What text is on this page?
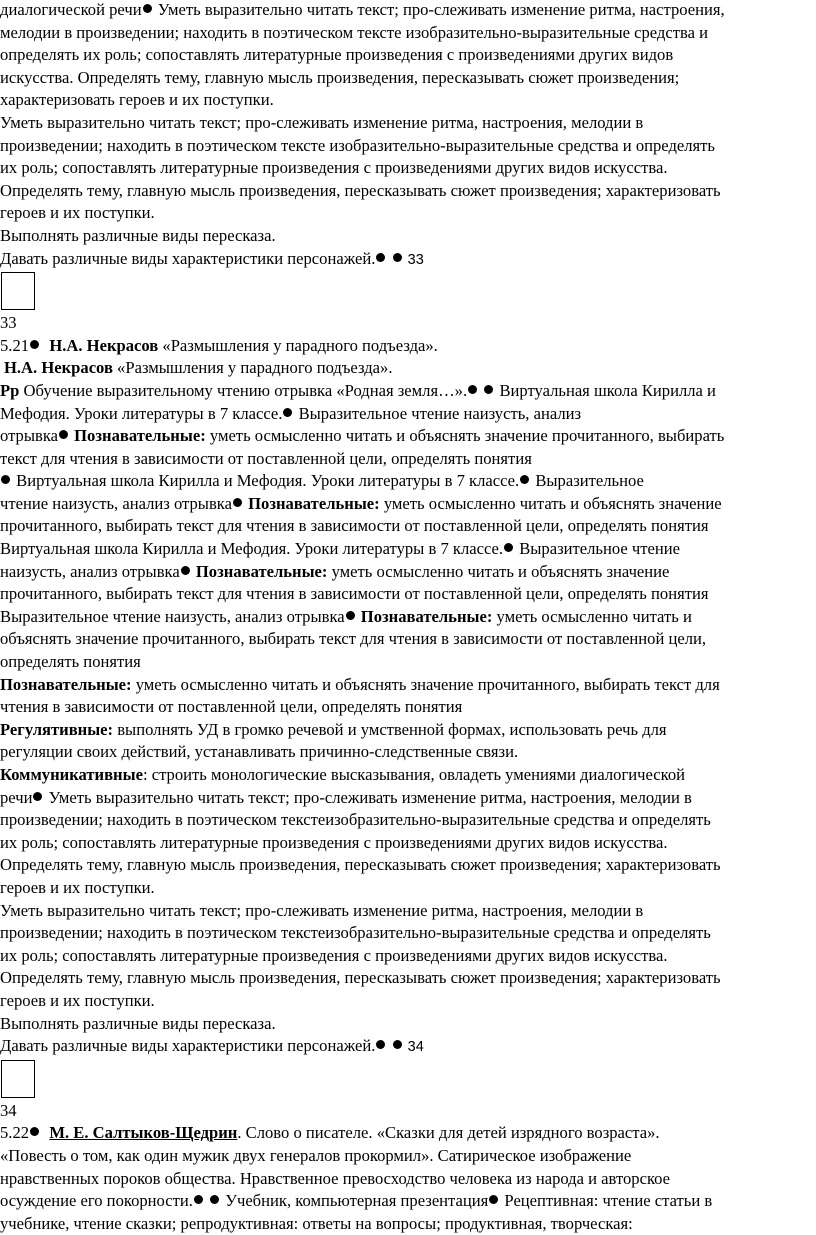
диалогической речи Уметь выразительно читать текст; про-слеживать изменение ритма, настроения,
мелодии в произведении; находить в поэтическом тексте изобразительно-выразительные средства и
определять их роль; сопоставлять литературные произведения с произведениями других видов
искусства. Определять тему, главную мысль произведения, пересказывать сюжет произведения;
характеризовать героев и их поступки.
Уметь выразительно читать текст; про-слеживать изменение ритма, настроения, мелодии в
произведении; находить в поэтическом тексте изобразительно-выразительные средства и определять
их роль; сопоставлять литературные произведения с произведениями других видов искусства.
Определять тему, главную мысль произведения, пересказывать сюжет произведения; характеризовать
героев и их поступки.
Выполнять различные виды пересказа.
Давать различные виды характеристики персонажей. 33
33
5.21 Н.А. Некрасов «Размышления у парадного подъезда».
Н.А. Некрасов «Размышления у парадного подъезда».
Рр Обучение выразительному чтению отрывка «Родная земля…».  Виртуальная школа Кирилла и
Мефодия. Уроки литературы в 7 классе. Выразительное чтение наизусть, анализ
отрывка Познавательные: уметь осмысленно читать и объяснять значение прочитанного, выбирать
текст для чтения в зависимости от поставленной цели, определять понятия
Виртуальная школа Кирилла и Мефодия. Уроки литературы в 7 классе. Выразительное
чтение наизусть, анализ отрывка Познавательные: уметь осмысленно читать и объяснять значение
прочитанного, выбирать текст для чтения в зависимости от поставленной цели, определять понятия
Виртуальная школа Кирилла и Мефодия. Уроки литературы в 7 классе. Выразительное чтение
наизусть, анализ отрывка Познавательные: уметь осмысленно читать и объяснять значение
прочитанного, выбирать текст для чтения в зависимости от поставленной цели, определять понятия
Выразительное чтение наизусть, анализ отрывка Познавательные: уметь осмысленно читать и
объяснять значение прочитанного, выбирать текст для чтения в зависимости от поставленной цели,
определять понятия
Познавательные: уметь осмысленно читать и объяснять значение прочитанного, выбирать текст для
чтения в зависимости от поставленной цели, определять понятия
Регулятивные: выполнять УД в громко речевой и умственной формах, использовать речь для
регуляции своих действий, устанавливать причинно-следственные связи.
Коммуникативные: строить монологические высказывания, овладеть умениями диалогической
речи Уметь выразительно читать текст; про-слеживать изменение ритма, настроения, мелодии в
произведении; находить в поэтическом текстеизобразительно-выразительные средства и определять
их роль; сопоставлять литературные произведения с произведениями других видов искусства.
Определять тему, главную мысль произведения, пересказывать сюжет произведения; характеризовать
героев и их поступки.
Уметь выразительно читать текст; про-слеживать изменение ритма, настроения, мелодии в
произведении; находить в поэтическом текстеизобразительно-выразительные средства и определять
их роль; сопоставлять литературные произведения с произведениями других видов искусства.
Определять тему, главную мысль произведения, пересказывать сюжет произведения; характеризовать
героев и их поступки.
Выполнять различные виды пересказа.
Давать различные виды характеристики персонажей. 34
34
5.22 М. Е. Салтыков-Щедрин. Слово о писателе. «Сказки для детей изрядного возраста».
«Повесть о том, как один мужик двух генералов прокормил». Сатирическое изображение
нравственных пороков общества. Нравственное превосходство человека из народа и авторское
осуждение его покорности.  Учебник, компьютерная презентация Рецептивная: чтение статьи в
учебнике, чтение сказки; репродуктивная: ответы на вопросы; продуктивная, творческая:
